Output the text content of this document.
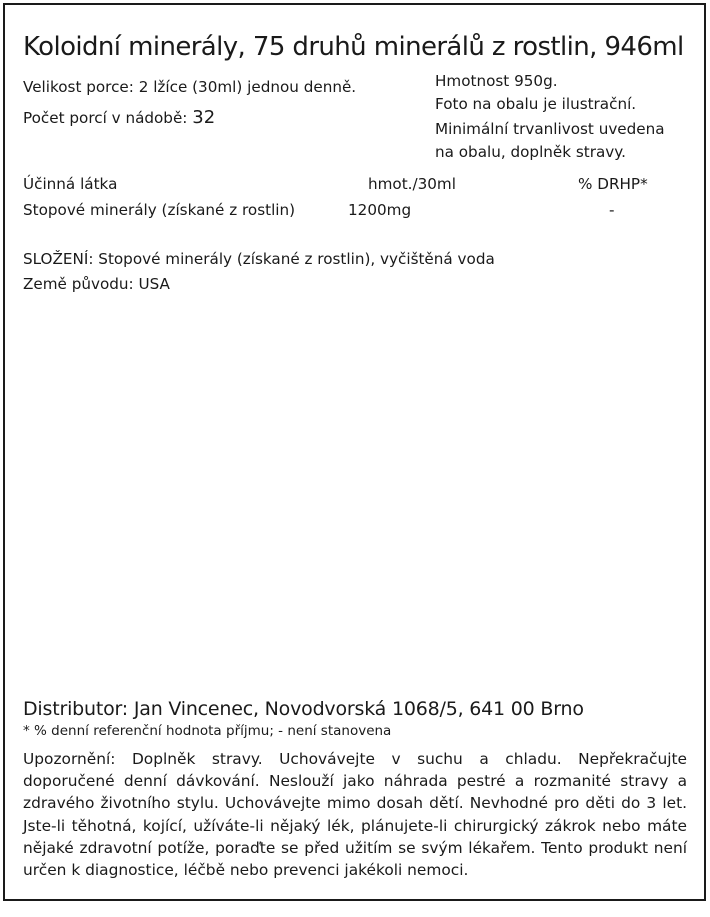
Koloidní minerály, 75 druhů minerálů z rostlin, 946ml
Velikost porce: 2 lžíce (30ml) jednou denně.
Počet porcí v nádobě: 32
Hmotnost 950g.
Foto na obalu je ilustrační.
Minimální trvanlivost uvedena
na obalu, doplněk stravy.
Účinná látka	hmot./30ml	% DRHP*
Stopové minerály (získané z rostlin)	1200mg	-
SLOŽENÍ: Stopové minerály (získané z rostlin), vyčištěná voda
Země původu: USA
Distributor: Jan Vincenec, Novodvorská 1068/5, 641 00 Brno
* % denní referenční hodnota příjmu; - není stanovena
Upozornění: Doplněk stravy. Uchovávejte v suchu a chladu. Nepřekračujte doporučené denní dávkování. Neslouží jako náhrada pestré a rozmanité stravy a zdravého životního stylu. Uchovávejte mimo dosah dětí. Nevhodné pro děti do 3 let. Jste-li těhotná, kojící, užíváte-li nějaký lék, plánujete-li chirurgický zákrok nebo máte nějaké zdravotní potíže, poraďte se před užitím se svým lékařem. Tento produkt není určen k diagnostice, léčbě nebo prevenci jakékoli nemoci.
